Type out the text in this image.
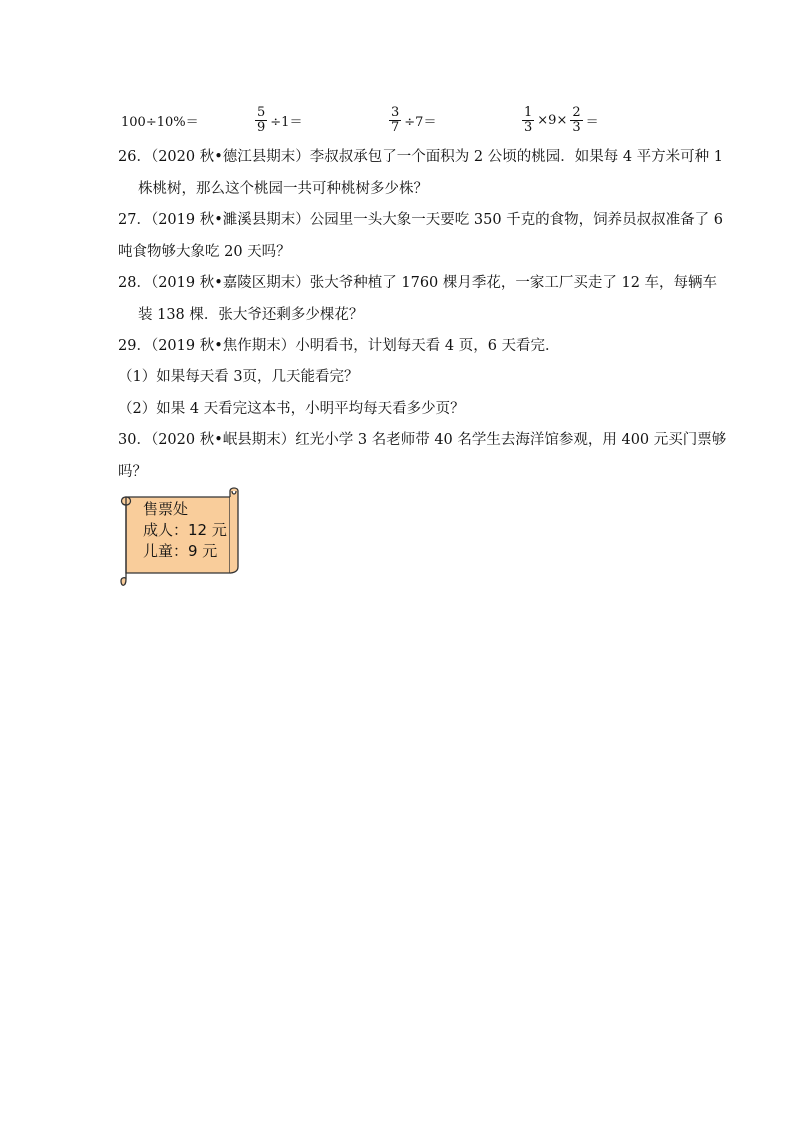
100÷10%＝	$\frac{5}{9} \div 1=$	$\frac{3}{7} \div 7=$	$\frac{1}{3} \times 9\times \frac{2}{3}$ ＝
26．（2020 秋•德江县期末）李叔叔承包了一个面积为 2 公顷的桃园．如果每 4 平方米可种 1
株桃树，那么这个桃园一共可种桃树多少株？
27．（2019 秋•濉溪县期末）公园里一头大象一天要吃 350 千克的食物，饲养员叔叔准备了 6
吨食物够大象吃 20 天吗？
28．（2019 秋•嘉陵区期末）张大爷种植了 1760 棵月季花，一家工厂买走了 12 车，每辆车
装 138 棵．张大爷还剩多少棵花？
29．（2019 秋•焦作期末）小明看书，计划每天看 4 页，6 天看完．
（1）如果每天看 3页，几天能看完？
（2）如果 4 天看完这本书，小明平均每天看多少页？
30．（2020 秋•岷县期末）红光小学 3 名老师带 40 名学生去海洋馆参观，用 400 元买门票够
吗？
售票处
成人：12 元
儿童：9 元
